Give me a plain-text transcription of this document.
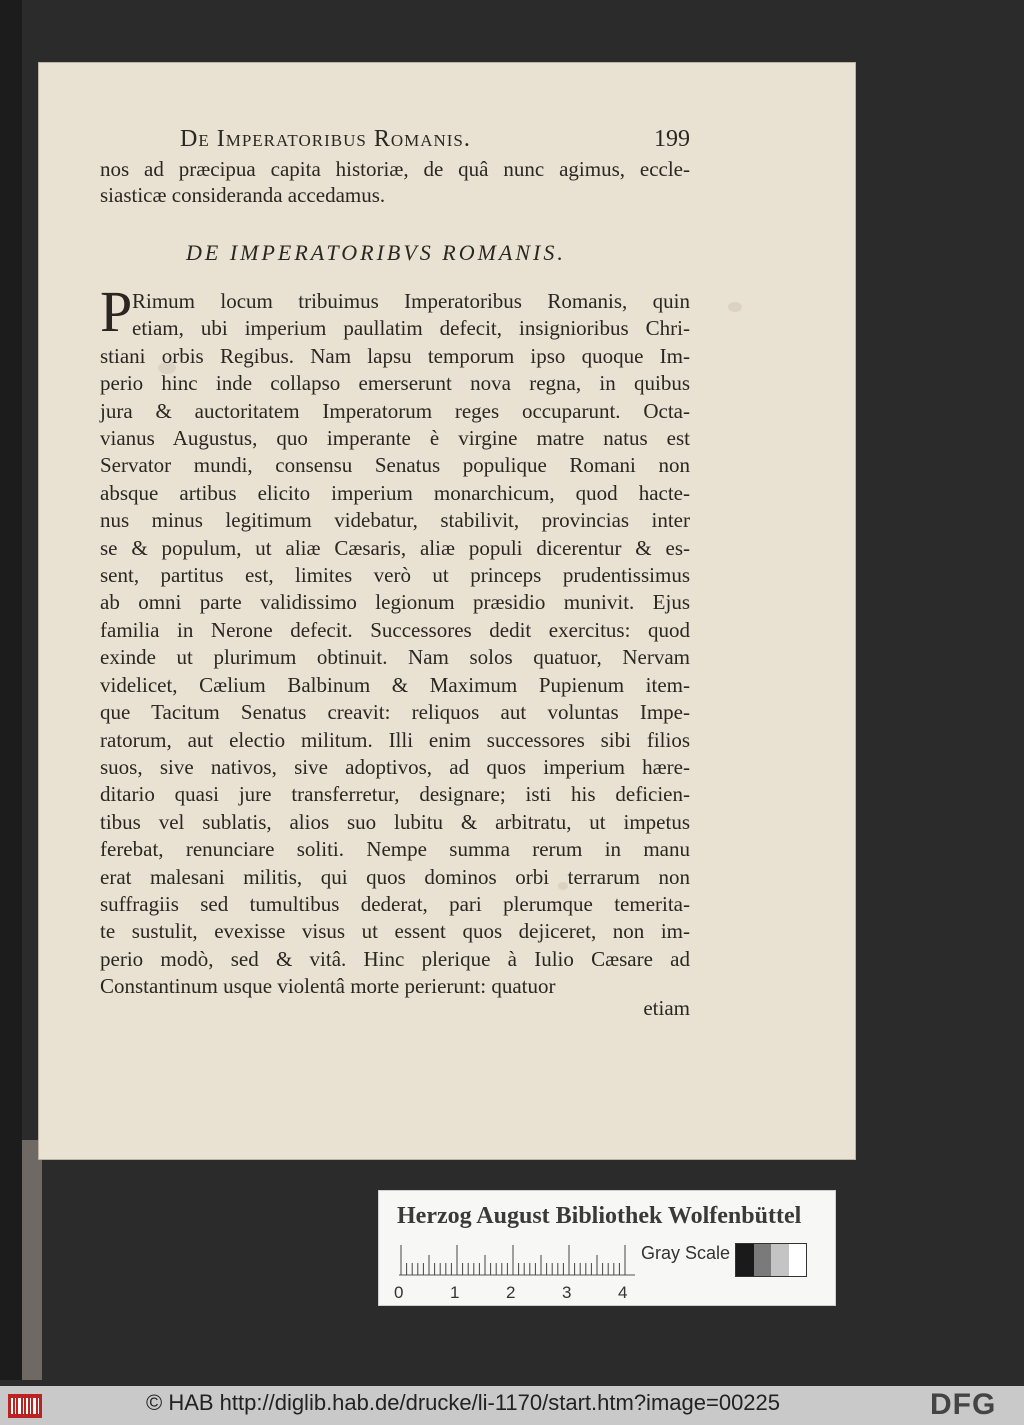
De Imperatoribus Romanis.	199
nos ad præcipua capita historiæ, de quâ nunc agimus, eccle-
siasticæ consideranda accedamus.
DE IMPERATORIBVS ROMANIS.
P Rimum locum tribuimus Imperatoribus Romanis, quin
etiam, ubi imperium paullatim defecit, insignioribus Chri-
stiani orbis Regibus. Nam lapsu temporum ipso quoque Im-
perio hinc inde collapso emerserunt nova regna, in quibus
jura & auctoritatem Imperatorum reges occuparunt. Octa-
vianus Augustus, quo imperante è virgine matre natus est
Servator mundi, consensu Senatus populique Romani non
absque artibus elicito imperium monarchicum, quod hacte-
nus minus legitimum videbatur, stabilivit, provincias inter
se & populum, ut aliæ Cæsaris, aliæ populi dicerentur & es-
sent, partitus est, limites verò ut princeps prudentissimus
ab omni parte validissimo legionum præsidio munivit. Ejus
familia in Nerone defecit. Successores dedit exercitus: quod
exinde ut plurimum obtinuit. Nam solos quatuor, Nervam
videlicet, Cælium Balbinum & Maximum Pupienum item-
que Tacitum Senatus creavit: reliquos aut voluntas Impe-
ratorum, aut electio militum. Illi enim successores sibi filios
suos, sive nativos, sive adoptivos, ad quos imperium hære-
ditario quasi jure transferretur, designare; isti his deficien-
tibus vel sublatis, alios suo lubitu & arbitratu, ut impetus
ferebat, renunciare soliti. Nempe summa rerum in manu
erat malesani militis, qui quos dominos orbi terrarum non
suffragiis sed tumultibus dederat, pari plerumque temerita-
te sustulit, evexisse visus ut essent quos dejiceret, non im-
perio modò, sed & vitâ. Hinc plerique à Iulio Cæsare ad
Constantinum usque violentâ morte perierunt: quatuor
etiam
Herzog August Bibliothek Wolfenbüttel
0	1	2	3	4
Gray Scale
© HAB http://diglib.hab.de/drucke/li-1170/start.htm?image=00225	DFG
